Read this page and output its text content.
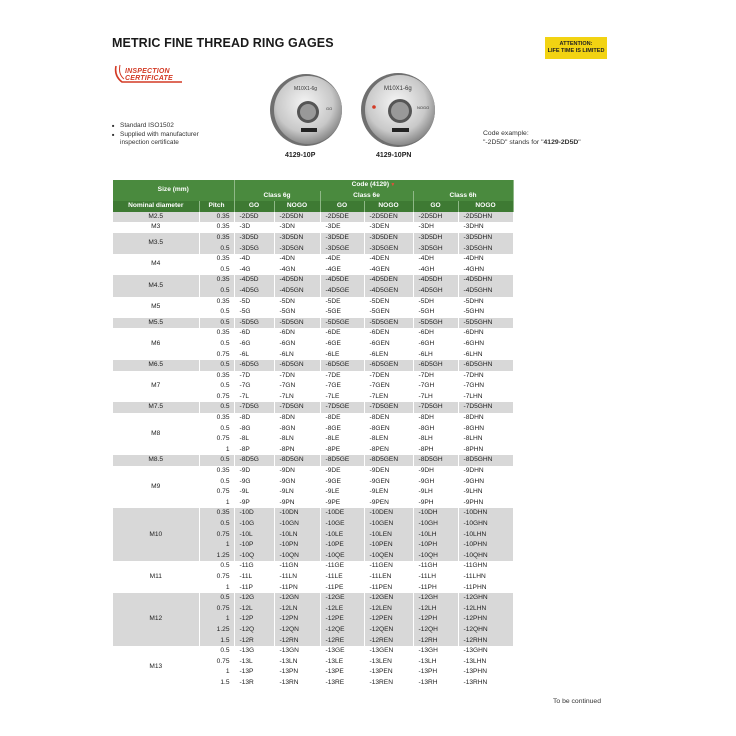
METRIC FINE THREAD RING GAGES	ATTENTION:
LIFE TIME IS LIMITED
INSPECTION
CERTIFICATE
■ Standard ISO1502
■ Supplied with manufacturer
inspection certificate
M10X1-6g
GO
4129-10P
M10X1-6g
NOGO
4129-10PN
Code example:
"-2D5D" stands for "4129-2D5D"
Size (mm)		Code (4129) ▼					
		Class 6g		Class 6e		Class 6h	
Nominal diameter	Pitch	GO	NOGO	GO	NOGO	GO	NOGO
M2.5	0.35	-2D5D	-2D5DN	-2D5DE	-2D5DEN	-2D5DH	-2D5DHN
M3	0.35	-3D	-3DN	-3DE	-3DEN	-3DH	-3DHN
M3.5	0.35	-3D5D	-3D5DN	-3D5DE	-3D5DEN	-3D5DH	-3D5DHN
	0.5	-3D5G	-3D5GN	-3D5GE	-3D5GEN	-3D5GH	-3D5GHN
M4	0.35	-4D	-4DN	-4DE	-4DEN	-4DH	-4DHN
	0.5	-4G	-4GN	-4GE	-4GEN	-4GH	-4GHN
M4.5	0.35	-4D5D	-4D5DN	-4D5DE	-4D5DEN	-4D5DH	-4D5DHN
	0.5	-4D5G	-4D5GN	-4D5GE	-4D5GEN	-4D5GH	-4D5GHN
M5	0.35	-5D	-5DN	-5DE	-5DEN	-5DH	-5DHN
	0.5	-5G	-5GN	-5GE	-5GEN	-5GH	-5GHN
M5.5	0.5	-5D5G	-5D5GN	-5D5GE	-5D5GEN	-5D5GH	-5D5GHN
M6	0.35	-6D	-6DN	-6DE	-6DEN	-6DH	-6DHN
	0.5	-6G	-6GN	-6GE	-6GEN	-6GH	-6GHN
	0.75	-6L	-6LN	-6LE	-6LEN	-6LH	-6LHN
M6.5	0.5	-6D5G	-6D5GN	-6D5GE	-6D5GEN	-6D5GH	-6D5GHN
M7	0.35	-7D	-7DN	-7DE	-7DEN	-7DH	-7DHN
	0.5	-7G	-7GN	-7GE	-7GEN	-7GH	-7GHN
	0.75	-7L	-7LN	-7LE	-7LEN	-7LH	-7LHN
M7.5	0.5	-7D5G	-7D5GN	-7D5GE	-7D5GEN	-7D5GH	-7D5GHN
M8	0.35	-8D	-8DN	-8DE	-8DEN	-8DH	-8DHN
	0.5	-8G	-8GN	-8GE	-8GEN	-8GH	-8GHN
	0.75	-8L	-8LN	-8LE	-8LEN	-8LH	-8LHN
	1	-8P	-8PN	-8PE	-8PEN	-8PH	-8PHN
M8.5	0.5	-8D5G	-8D5GN	-8D5GE	-8D5GEN	-8D5GH	-8D5GHN
M9	0.35	-9D	-9DN	-9DE	-9DEN	-9DH	-9DHN
	0.5	-9G	-9GN	-9GE	-9GEN	-9GH	-9GHN
	0.75	-9L	-9LN	-9LE	-9LEN	-9LH	-9LHN
	1	-9P	-9PN	-9PE	-9PEN	-9PH	-9PHN
M10	0.35	-10D	-10DN	-10DE	-10DEN	-10DH	-10DHN
	0.5	-10G	-10GN	-10GE	-10GEN	-10GH	-10GHN
	0.75	-10L	-10LN	-10LE	-10LEN	-10LH	-10LHN
	1	-10P	-10PN	-10PE	-10PEN	-10PH	-10PHN
	1.25	-10Q	-10QN	-10QE	-10QEN	-10QH	-10QHN
M11	0.5	-11G	-11GN	-11GE	-11GEN	-11GH	-11GHN
	0.75	-11L	-11LN	-11LE	-11LEN	-11LH	-11LHN
	1	-11P	-11PN	-11PE	-11PEN	-11PH	-11PHN
M12	0.5	-12G	-12GN	-12GE	-12GEN	-12GH	-12GHN
	0.75	-12L	-12LN	-12LE	-12LEN	-12LH	-12LHN
	1	-12P	-12PN	-12PE	-12PEN	-12PH	-12PHN
	1.25	-12Q	-12QN	-12QE	-12QEN	-12QH	-12QHN
	1.5	-12R	-12RN	-12RE	-12REN	-12RH	-12RHN
M13	0.5	-13G	-13GN	-13GE	-13GEN	-13GH	-13GHN
	0.75	-13L	-13LN	-13LE	-13LEN	-13LH	-13LHN
	1	-13P	-13PN	-13PE	-13PEN	-13PH	-13PHN
	1.5	-13R	-13RN	-13RE	-13REN	-13RH	-13RHN
To be continued
